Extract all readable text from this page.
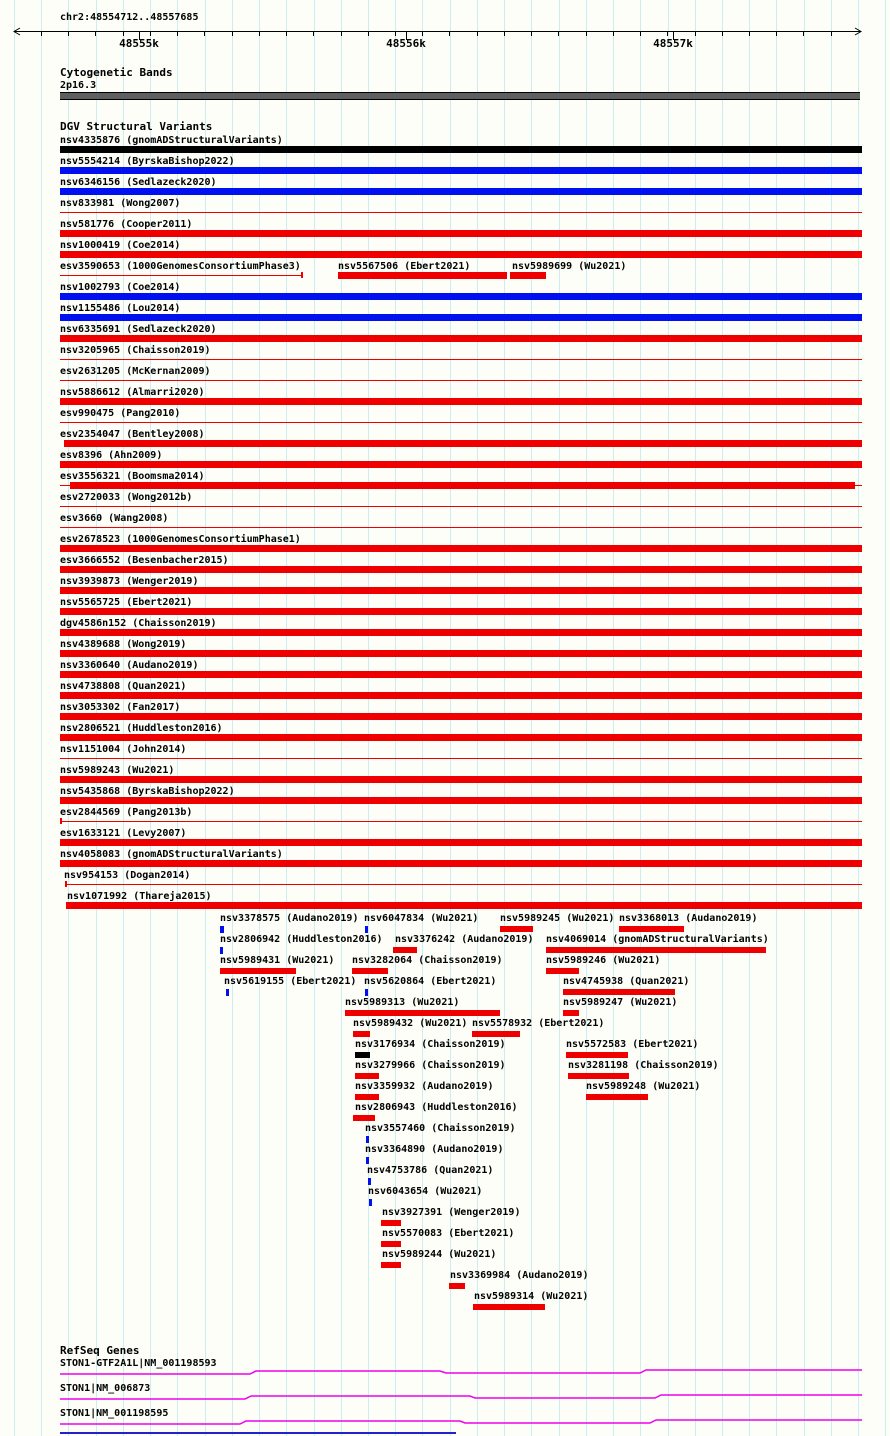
chr2:48554712..48557685
48555k	48556k	48557k
Cytogenetic Bands
2p16.3
DGV Structural Variants
nsv4335876 (gnomADStructuralVariants)
nsv5554214 (ByrskaBishop2022)
nsv6346156 (Sedlazeck2020)
nsv833981 (Wong2007)
nsv581776 (Cooper2011)
nsv1000419 (Coe2014)
esv3590653 (1000GenomesConsortiumPhase3)	nsv5567506 (Ebert2021)	nsv5989699 (Wu2021)
nsv1002793 (Coe2014)
nsv1155486 (Lou2014)
nsv6335691 (Sedlazeck2020)
nsv3205965 (Chaisson2019)
esv2631205 (McKernan2009)
nsv5886612 (Almarri2020)
esv990475 (Pang2010)
esv2354047 (Bentley2008)
esv8396 (Ahn2009)
esv3556321 (Boomsma2014)
esv2720033 (Wong2012b)
esv3660 (Wang2008)
esv2678523 (1000GenomesConsortiumPhase1)
esv3666552 (Besenbacher2015)
nsv3939873 (Wenger2019)
nsv5565725 (Ebert2021)
dgv4586n152 (Chaisson2019)
nsv4389688 (Wong2019)
nsv3360640 (Audano2019)
nsv4738808 (Quan2021)
nsv3053302 (Fan2017)
nsv2806521 (Huddleston2016)
nsv1151004 (John2014)
nsv5989243 (Wu2021)
nsv5435868 (ByrskaBishop2022)
esv2844569 (Pang2013b)
esv1633121 (Levy2007)
nsv4058083 (gnomADStructuralVariants)
nsv954153 (Dogan2014)
nsv1071992 (Thareja2015)
nsv3378575 (Audano2019) nsv6047834 (Wu2021) nsv5989245 (Wu2021) nsv3368013 (Audano2019)
nsv2806942 (Huddleston2016) nsv3376242 (Audano2019) nsv4069014 (gnomADStructuralVariants)
nsv5989431 (Wu2021) nsv3282064 (Chaisson2019)	nsv5989246 (Wu2021)
nsv5619155 (Ebert2021) nsv5620864 (Ebert2021)	nsv4745938 (Quan2021)
nsv5989313 (Wu2021)	nsv5989247 (Wu2021)
nsv5989432 (Wu2021) nsv5578932 (Ebert2021)
nsv3176934 (Chaisson2019)	nsv5572583 (Ebert2021)
nsv3279966 (Chaisson2019)	nsv3281198 (Chaisson2019)
nsv3359932 (Audano2019)	nsv5989248 (Wu2021)
nsv2806943 (Huddleston2016)
nsv3557460 (Chaisson2019)
nsv3364890 (Audano2019)
nsv4753786 (Quan2021)
nsv6043654 (Wu2021)
nsv3927391 (Wenger2019)
nsv5570083 (Ebert2021)
nsv5989244 (Wu2021)
nsv3369984 (Audano2019)
nsv5989314 (Wu2021)
RefSeq Genes
STON1-GTF2A1L|NM_001198593
STON1|NM_006873
STON1|NM_001198595
